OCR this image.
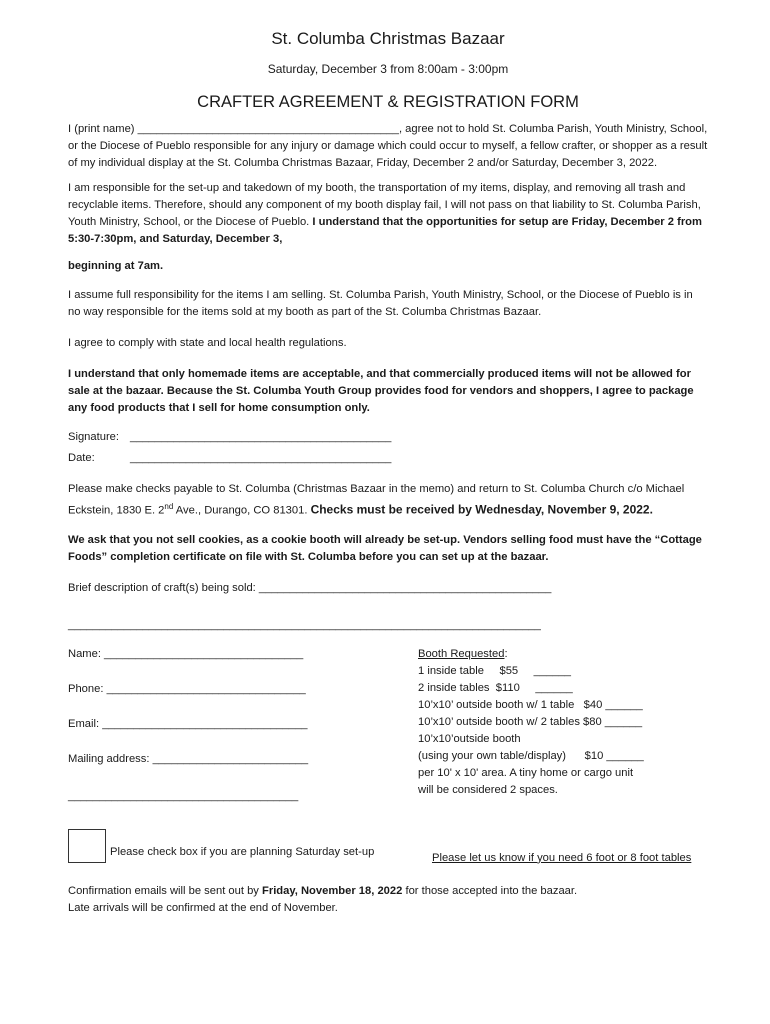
St. Columba Christmas Bazaar
Saturday, December 3 from 8:00am - 3:00pm
CRAFTER AGREEMENT & REGISTRATION FORM

I (print name) __________________________________________, agree not to hold St. Columba Parish, Youth Ministry, School, or the Diocese of Pueblo responsible for any injury or damage which could occur to myself, a fellow crafter, or shopper as a result of my individual display at the St. Columba Christmas Bazaar, Friday, December 2 and/or Saturday, December 3, 2022.

I am responsible for the set-up and takedown of my booth, the transportation of my items, display, and removing all trash and recyclable items. Therefore, should any component of my booth display fail, I will not pass on that liability to St. Columba Parish, Youth Ministry, School, or the Diocese of Pueblo. I understand that the opportunities for setup are Friday, December 2 from 5:30-7:30pm, and Saturday, December 3,

beginning at 7am.

I assume full responsibility for the items I am selling. St. Columba Parish, Youth Ministry, School, or the Diocese of Pueblo is in no way responsible for the items sold at my booth as part of the St. Columba Christmas Bazaar.

I agree to comply with state and local health regulations.

I understand that only homemade items are acceptable, and that commercially produced items will not be allowed for sale at the bazaar. Because the St. Columba Youth Group provides food for vendors and shoppers, I agree to package any food products that I sell for home consumption only.

Signature: __________________________________________
Date:	__________________________________________

Please make checks payable to St. Columba (Christmas Bazaar in the memo) and return to St. Columba Church c/o Michael Eckstein, 1830 E. 2nd Ave., Durango, CO 81301. Checks must be received by Wednesday, November 9, 2022.

We ask that you not sell cookies, as a cookie booth will already be set-up. Vendors selling food must have the “Cottage Foods” completion certificate on file with St. Columba before you can set up at the bazaar.

Brief description of craft(s) being sold: _______________________________________________

____________________________________________________________________________

Name: ________________________________
Phone: ________________________________
Email: _________________________________
Mailing address: _________________________
_____________________________________
Booth Requested:
1 inside table     $55     ______
2 inside tables  $110     ______
10’x10’ outside booth w/ 1 table   $40 ______
10’x10’ outside booth w/ 2 tables $80 ______
10’x10’outside booth
(using your own table/display)      $10 ______
per 10' x 10' area. A tiny home or cargo unit
will be considered 2 spaces.
Please check box if you are planning Saturday set-up	Please let us know if you need 6 foot or 8 foot tables
Confirmation emails will be sent out by Friday, November 18, 2022 for those accepted into the bazaar.
Late arrivals will be confirmed at the end of November.
